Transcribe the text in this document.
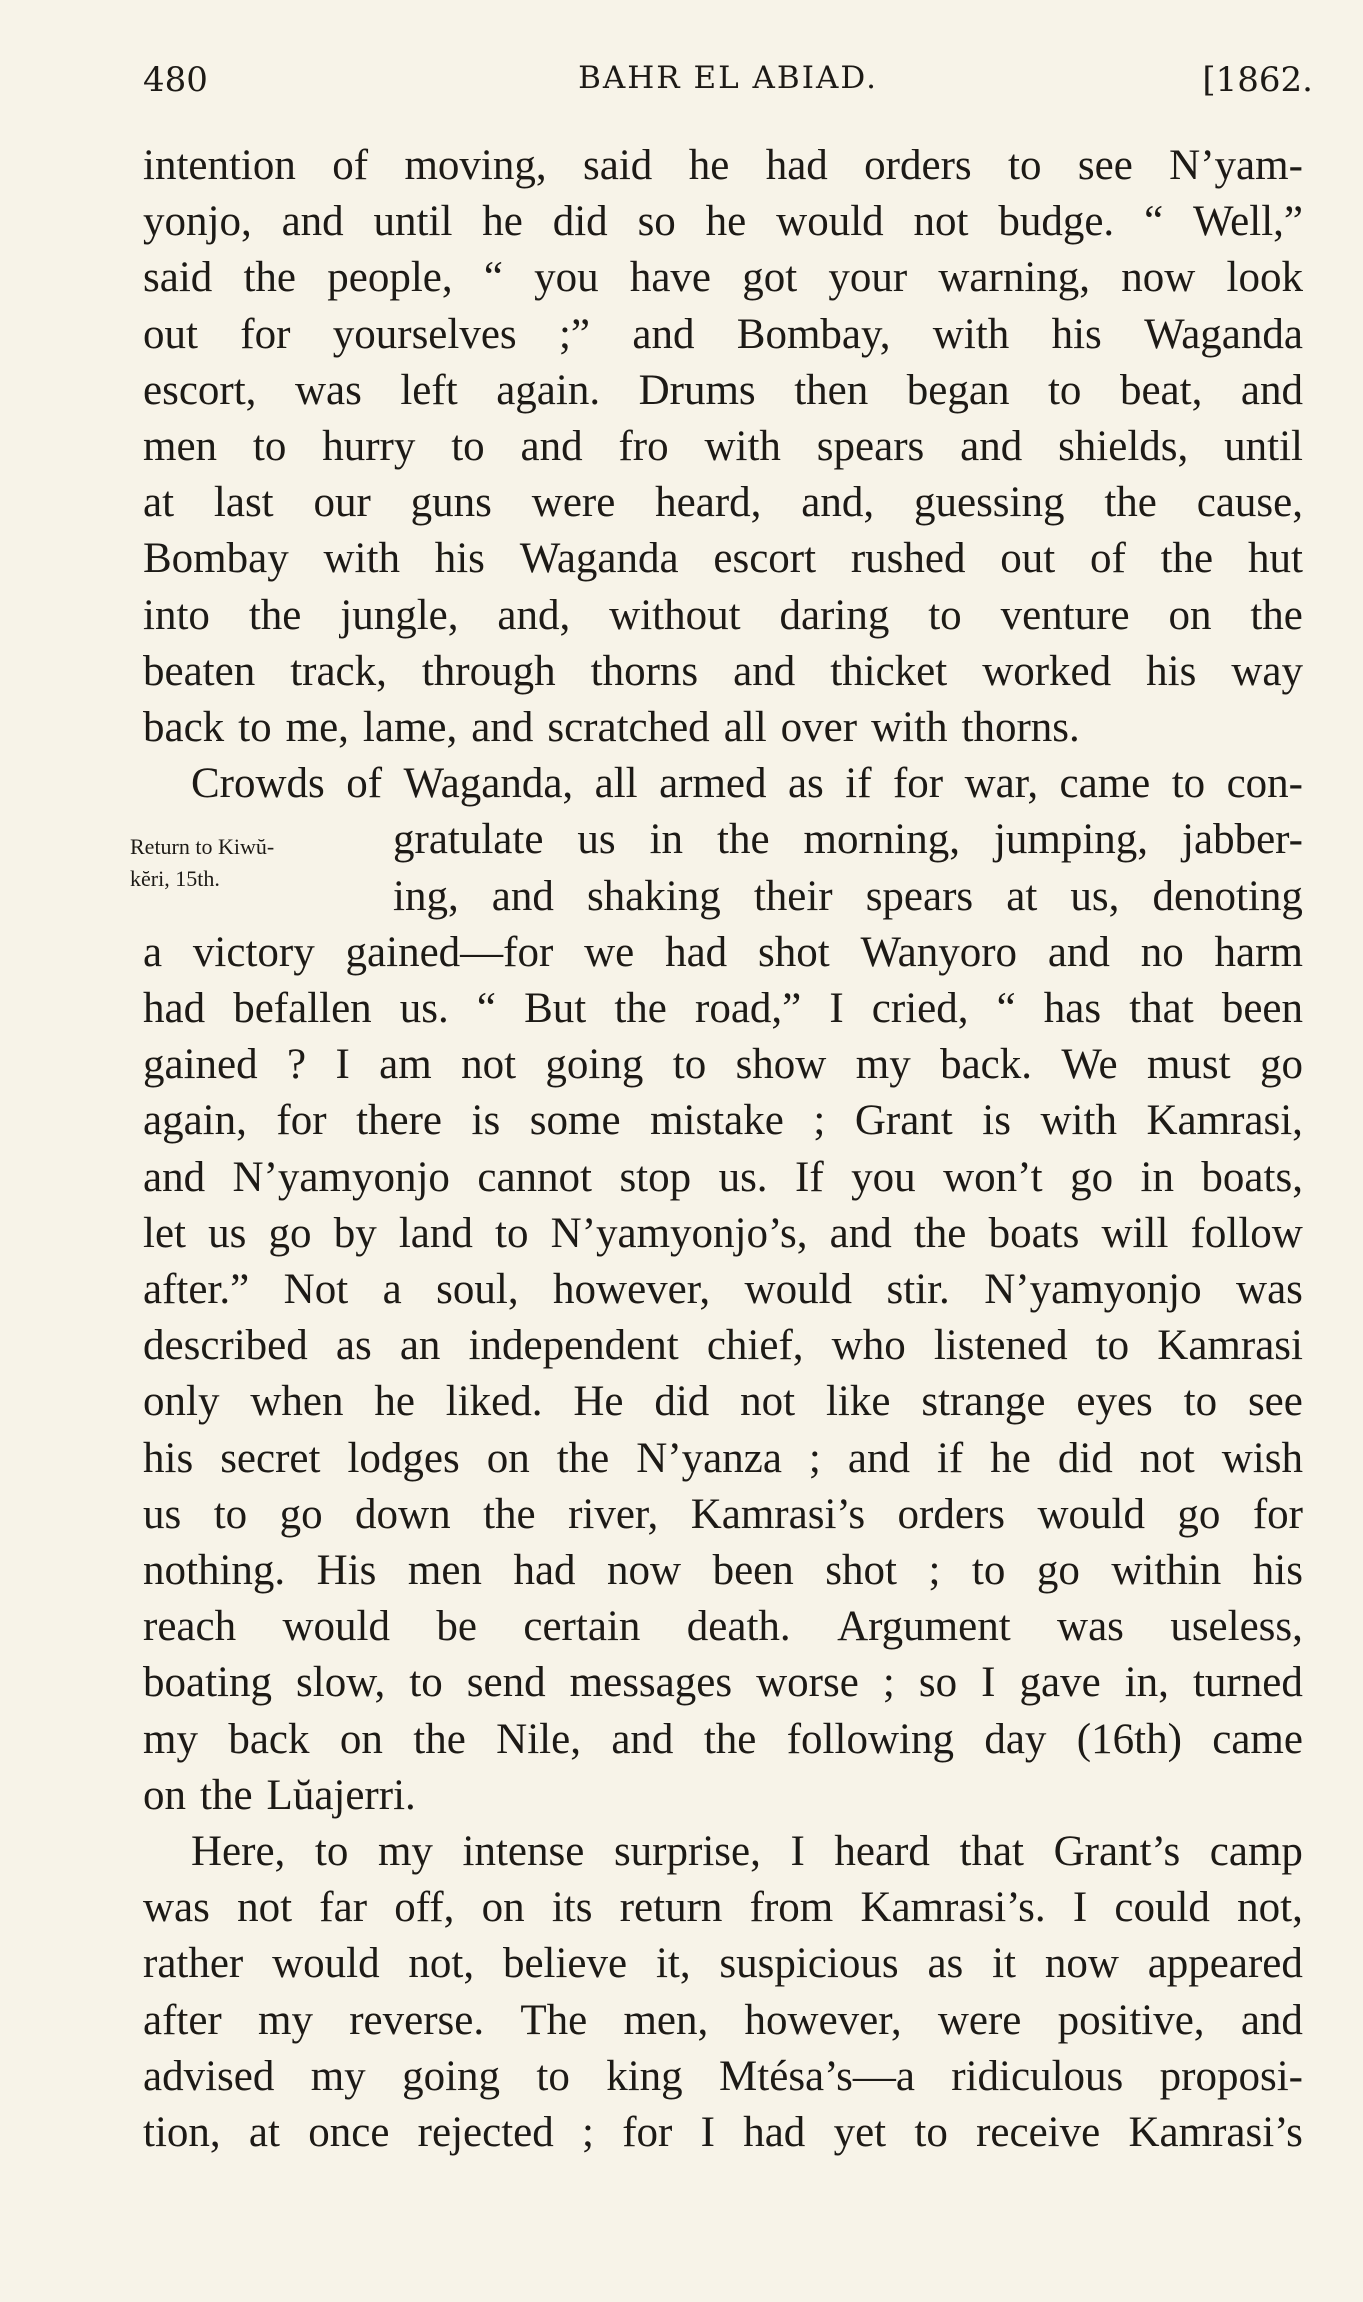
480	BAHR EL ABIAD.	[1862.
Return to Kiwŭ-
kĕri, 15th.
intention of moving, said he had orders to see N’yam-
yonjo, and until he did so he would not budge. “ Well,”
said the people, “ you have got your warning, now look
out for yourselves ;” and Bombay, with his Waganda
escort, was left again. Drums then began to beat, and
men to hurry to and fro with spears and shields, until
at last our guns were heard, and, guessing the cause,
Bombay with his Waganda escort rushed out of the hut
into the jungle, and, without daring to venture on the
beaten track, through thorns and thicket worked his way
back to me, lame, and scratched all over with thorns.
Crowds of Waganda, all armed as if for war, came to con-
gratulate us in the morning, jumping, jabber-
ing, and shaking their spears at us, denoting
a victory gained—for we had shot Wanyoro and no harm
had befallen us. “ But the road,” I cried, “ has that been
gained ? I am not going to show my back. We must go
again, for there is some mistake ; Grant is with Kamrasi,
and N’yamyonjo cannot stop us. If you won’t go in boats,
let us go by land to N’yamyonjo’s, and the boats will follow
after.” Not a soul, however, would stir. N’yamyonjo was
described as an independent chief, who listened to Kamrasi
only when he liked. He did not like strange eyes to see
his secret lodges on the N’yanza ; and if he did not wish
us to go down the river, Kamrasi’s orders would go for
nothing. His men had now been shot ; to go within his
reach would be certain death. Argument was useless,
boating slow, to send messages worse ; so I gave in, turned
my back on the Nile, and the following day (16th) came
on the Lŭajerri.
Here, to my intense surprise, I heard that Grant’s camp
was not far off, on its return from Kamrasi’s. I could not,
rather would not, believe it, suspicious as it now appeared
after my reverse. The men, however, were positive, and
advised my going to king Mtésa’s—a ridiculous proposi-
tion, at once rejected ; for I had yet to receive Kamrasi’s
